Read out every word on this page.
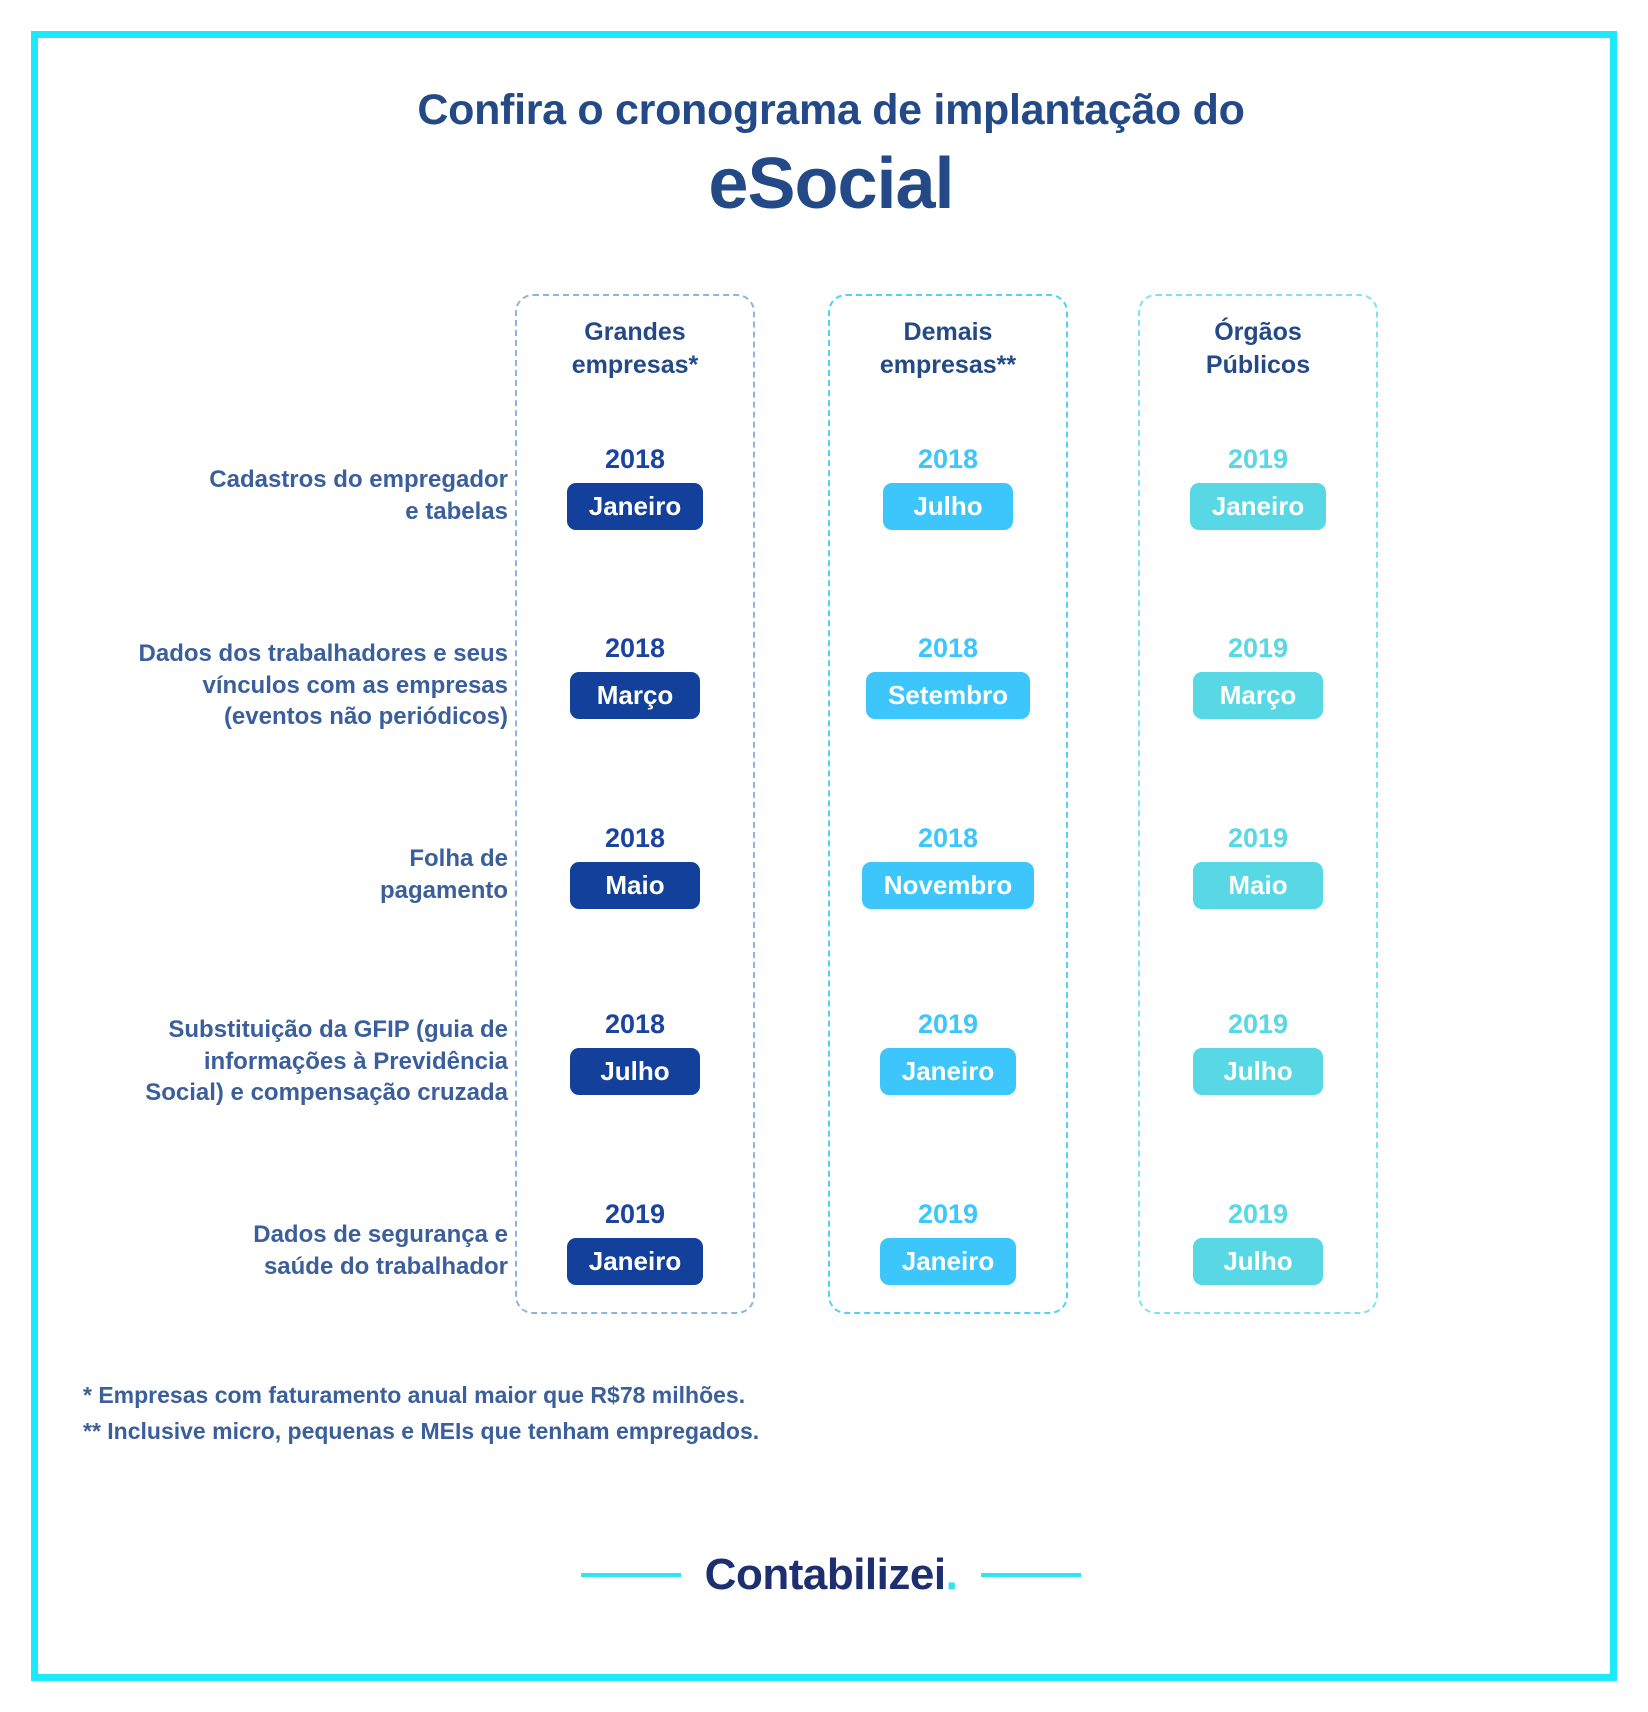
Confira o cronograma de implantação do
eSocial
Grandes
empresas*
Demais
empresas**
Órgãos
Públicos
Cadastros do empregador
e tabelas
2018
Janeiro
2018
Julho
2019
Janeiro
Dados dos trabalhadores e seus
vínculos com as empresas
(eventos não periódicos)
2018
Março
2018
Setembro
2019
Março
Folha de
pagamento
2018
Maio
2018
Novembro
2019
Maio
Substituição da GFIP (guia de
informações à Previdência
Social) e compensação cruzada
2018
Julho
2019
Janeiro
2019
Julho
Dados de segurança e
saúde do trabalhador
2019
Janeiro
2019
Janeiro
2019
Julho
* Empresas com faturamento anual maior que R$78 milhões.
** Inclusive micro, pequenas e MEIs que tenham empregados.
Contabilizei .
